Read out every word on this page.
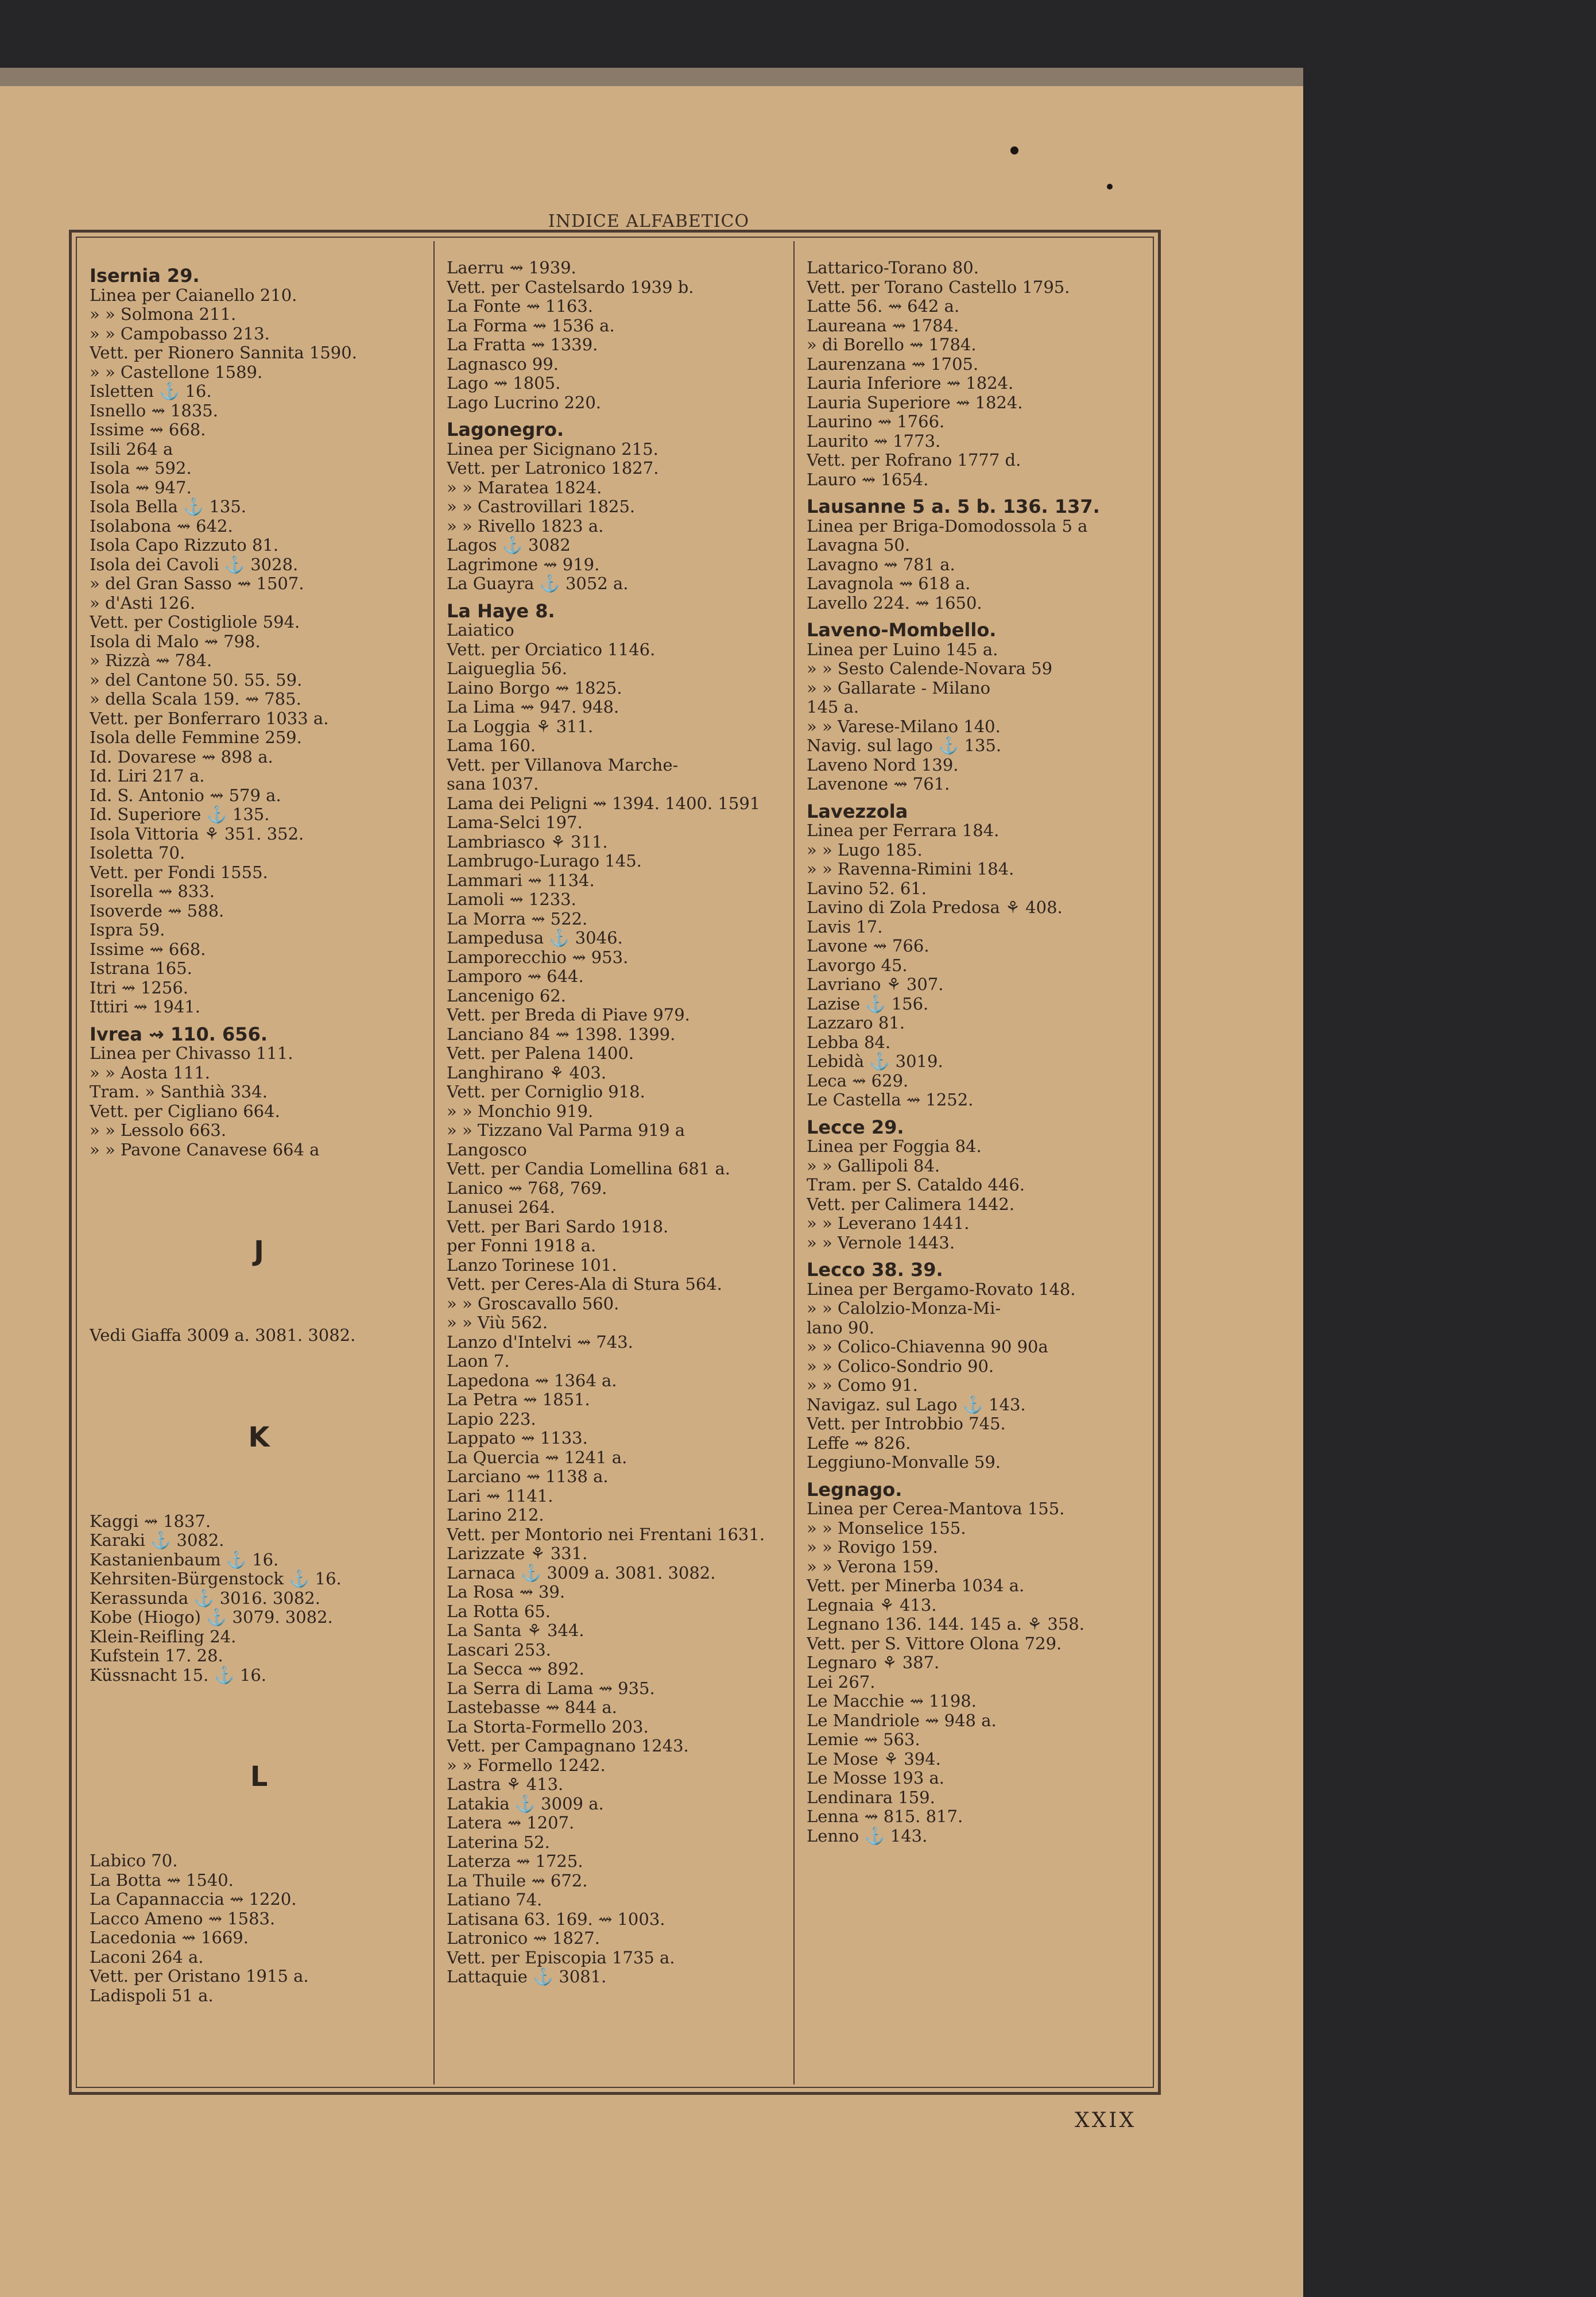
INDICE ALFABETICO
Isernia 29.
Linea per Caianello 210.
» » Solmona 211.
» » Campobasso 213.
Vett. per Rionero Sannita 1590.
» » Castellone 1589.
Isletten ⚓ 16.
Isnello ⇝ 1835.
Issime ⇝ 668.
Isili 264 a
Isola ⇝ 592.
Isola ⇝ 947.
Isola Bella ⚓ 135.
Isolabona ⇝ 642.
Isola Capo Rizzuto 81.
Isola dei Cavoli ⚓ 3028.
» del Gran Sasso ⇝ 1507.
» d'Asti 126.
Vett. per Costigliole 594.
Isola di Malo ⇝ 798.
» Rizzà ⇝ 784.
» del Cantone 50. 55. 59.
» della Scala 159. ⇝ 785.
Vett. per Bonferraro 1033 a.
Isola delle Femmine 259.
Id. Dovarese ⇝ 898 a.
Id. Liri 217 a.
Id. S. Antonio ⇝ 579 a.
Id. Superiore ⚓ 135.
Isola Vittoria ⚘ 351. 352.
Isoletta 70.
Vett. per Fondi 1555.
Isorella ⇝ 833.
Isoverde ⇝ 588.
Ispra 59.
Issime ⇝ 668.
Istrana 165.
Itri ⇝ 1256.
Ittiri ⇝ 1941.
Ivrea ⇝ 110. 656.
Linea per Chivasso 111.
» » Aosta 111.
Tram. » Santhià 334.
Vett. per Cigliano 664.
» » Lessolo 663.
» » Pavone Canavese 664 a
J
Vedi Giaffa 3009 a. 3081. 3082.
K
Kaggi ⇝ 1837.
Karaki ⚓ 3082.
Kastanienbaum ⚓ 16.
Kehrsiten-Bürgenstock ⚓ 16.
Kerassunda ⚓ 3016. 3082.
Kobe (Hiogo) ⚓ 3079. 3082.
Klein-Reifling 24.
Kufstein 17. 28.
Küssnacht 15. ⚓ 16.
L
Labico 70.
La Botta ⇝ 1540.
La Capannaccia ⇝ 1220.
Lacco Ameno ⇝ 1583.
Lacedonia ⇝ 1669.
Laconi 264 a.
Vett. per Oristano 1915 a.
Ladispoli 51 a.
Laerru ⇝ 1939.
Vett. per Castelsardo 1939 b.
La Fonte ⇝ 1163.
La Forma ⇝ 1536 a.
La Fratta ⇝ 1339.
Lagnasco 99.
Lago ⇝ 1805.
Lago Lucrino 220.
Lagonegro.
Linea per Sicignano 215.
Vett. per Latronico 1827.
» » Maratea 1824.
» » Castrovillari 1825.
» » Rivello 1823 a.
Lagos ⚓ 3082
Lagrimone ⇝ 919.
La Guayra ⚓ 3052 a.
La Haye 8.
Laiatico
Vett. per Orciatico 1146.
Laigueglia 56.
Laino Borgo ⇝ 1825.
La Lima ⇝ 947. 948.
La Loggia ⚘ 311.
Lama 160.
Vett. per Villanova Marche-
sana 1037.
Lama dei Peligni ⇝ 1394. 1400. 1591
Lama-Selci 197.
Lambriasco ⚘ 311.
Lambrugo-Lurago 145.
Lammari ⇝ 1134.
Lamoli ⇝ 1233.
La Morra ⇝ 522.
Lampedusa ⚓ 3046.
Lamporecchio ⇝ 953.
Lamporo ⇝ 644.
Lancenigo 62.
Vett. per Breda di Piave 979.
Lanciano 84 ⇝ 1398. 1399.
Vett. per Palena 1400.
Langhirano ⚘ 403.
Vett. per Corniglio 918.
» » Monchio 919.
» » Tizzano Val Parma 919 a
Langosco
Vett. per Candia Lomellina 681 a.
Lanico ⇝ 768, 769.
Lanusei 264.
Vett. per Bari Sardo 1918.
per Fonni 1918 a.
Lanzo Torinese 101.
Vett. per Ceres-Ala di Stura 564.
» » Groscavallo 560.
» » Viù 562.
Lanzo d'Intelvi ⇝ 743.
Laon 7.
Lapedona ⇝ 1364 a.
La Petra ⇝ 1851.
Lapio 223.
Lappato ⇝ 1133.
La Quercia ⇝ 1241 a.
Larciano ⇝ 1138 a.
Lari ⇝ 1141.
Larino 212.
Vett. per Montorio nei Frentani 1631.
Larizzate ⚘ 331.
Larnaca ⚓ 3009 a. 3081. 3082.
La Rosa ⇝ 39.
La Rotta 65.
La Santa ⚘ 344.
Lascari 253.
La Secca ⇝ 892.
La Serra di Lama ⇝ 935.
Lastebasse ⇝ 844 a.
La Storta-Formello 203.
Vett. per Campagnano 1243.
» » Formello 1242.
Lastra ⚘ 413.
Latakia ⚓ 3009 a.
Latera ⇝ 1207.
Laterina 52.
Laterza ⇝ 1725.
La Thuile ⇝ 672.
Latiano 74.
Latisana 63. 169. ⇝ 1003.
Latronico ⇝ 1827.
Vett. per Episcopia 1735 a.
Lattaquie ⚓ 3081.
Lattarico-Torano 80.
Vett. per Torano Castello 1795.
Latte 56. ⇝ 642 a.
Laureana ⇝ 1784.
» di Borello ⇝ 1784.
Laurenzana ⇝ 1705.
Lauria Inferiore ⇝ 1824.
Lauria Superiore ⇝ 1824.
Laurino ⇝ 1766.
Laurito ⇝ 1773.
Vett. per Rofrano 1777 d.
Lauro ⇝ 1654.
Lausanne 5 a. 5 b. 136. 137.
Linea per Briga-Domodossola 5 a
Lavagna 50.
Lavagno ⇝ 781 a.
Lavagnola ⇝ 618 a.
Lavello 224. ⇝ 1650.
Laveno-Mombello.
Linea per Luino 145 a.
» » Sesto Calende-Novara 59
» » Gallarate - Milano
145 a.
» » Varese-Milano 140.
Navig. sul lago ⚓ 135.
Laveno Nord 139.
Lavenone ⇝ 761.
Lavezzola
Linea per Ferrara 184.
» » Lugo 185.
» » Ravenna-Rimini 184.
Lavino 52. 61.
Lavino di Zola Predosa ⚘ 408.
Lavis 17.
Lavone ⇝ 766.
Lavorgo 45.
Lavriano ⚘ 307.
Lazise ⚓ 156.
Lazzaro 81.
Lebba 84.
Lebidà ⚓ 3019.
Leca ⇝ 629.
Le Castella ⇝ 1252.
Lecce 29.
Linea per Foggia 84.
» » Gallipoli 84.
Tram. per S. Cataldo 446.
Vett. per Calimera 1442.
» » Leverano 1441.
» » Vernole 1443.
Lecco 38. 39.
Linea per Bergamo-Rovato 148.
» » Calolzio-Monza-Mi-
lano 90.
» » Colico-Chiavenna 90 90a
» » Colico-Sondrio 90.
» » Como 91.
Navigaz. sul Lago ⚓ 143.
Vett. per Introbbio 745.
Leffe ⇝ 826.
Leggiuno-Monvalle 59.
Legnago.
Linea per Cerea-Mantova 155.
» » Monselice 155.
» » Rovigo 159.
» » Verona 159.
Vett. per Minerba 1034 a.
Legnaia ⚘ 413.
Legnano 136. 144. 145 a. ⚘ 358.
Vett. per S. Vittore Olona 729.
Legnaro ⚘ 387.
Lei 267.
Le Macchie ⇝ 1198.
Le Mandriole ⇝ 948 a.
Lemie ⇝ 563.
Le Mose ⚘ 394.
Le Mosse 193 a.
Lendinara 159.
Lenna ⇝ 815. 817.
Lenno ⚓ 143.
XXIX
